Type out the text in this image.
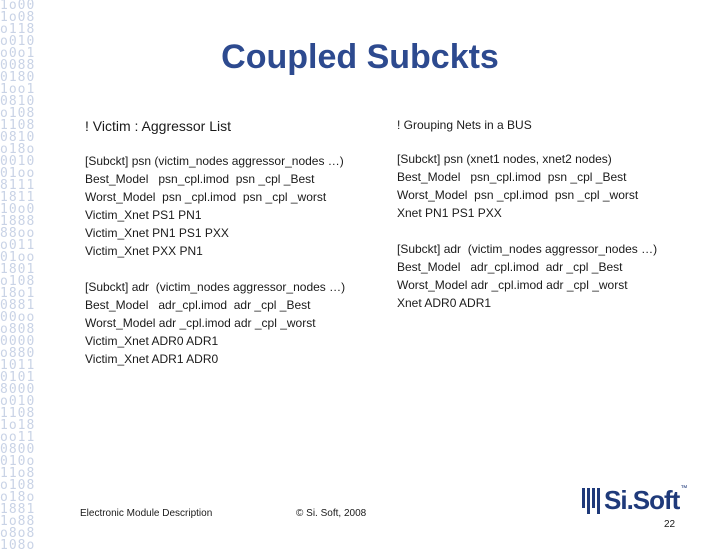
1o00
1o08
o118
o010
o0o1
0088
0180
1oo1
0810
o108
1108
0810
o18o
0010
01oo
8111
1811
10o0
1888
88oo
o011
01oo
1801
o108
18o1
0881
00oo
o808
0000
o880
1011
0101
8000
o010
1108
1o18
oo11
0800
010o
11o8
o108
o18o
1881
1o88
o8o8
108o
Coupled Subckts
! Victim : Aggressor List
[Subckt] psn (victim_nodes aggressor_nodes …)
Best_Model   psn_cpl.imod  psn _cpl _Best
Worst_Model  psn _cpl.imod  psn _cpl _worst
Victim_Xnet PS1 PN1
Victim_Xnet PN1 PS1 PXX
Victim_Xnet PXX PN1
[Subckt] adr  (victim_nodes aggressor_nodes …)
Best_Model   adr_cpl.imod  adr _cpl _Best
Worst_Model adr _cpl.imod adr _cpl _worst
Victim_Xnet ADR0 ADR1
Victim_Xnet ADR1 ADR0
! Grouping Nets in a BUS
[Subckt] psn (xnet1 nodes, xnet2 nodes)
Best_Model   psn_cpl.imod  psn _cpl _Best
Worst_Model  psn _cpl.imod  psn _cpl _worst
Xnet PN1 PS1 PXX
[Subckt] adr  (victim_nodes aggressor_nodes …)
Best_Model   adr_cpl.imod  adr _cpl _Best
Worst_Model adr _cpl.imod adr _cpl _worst
Xnet ADR0 ADR1
Electronic Module Description	© Si. Soft, 2008	Si.Soft ™
22
